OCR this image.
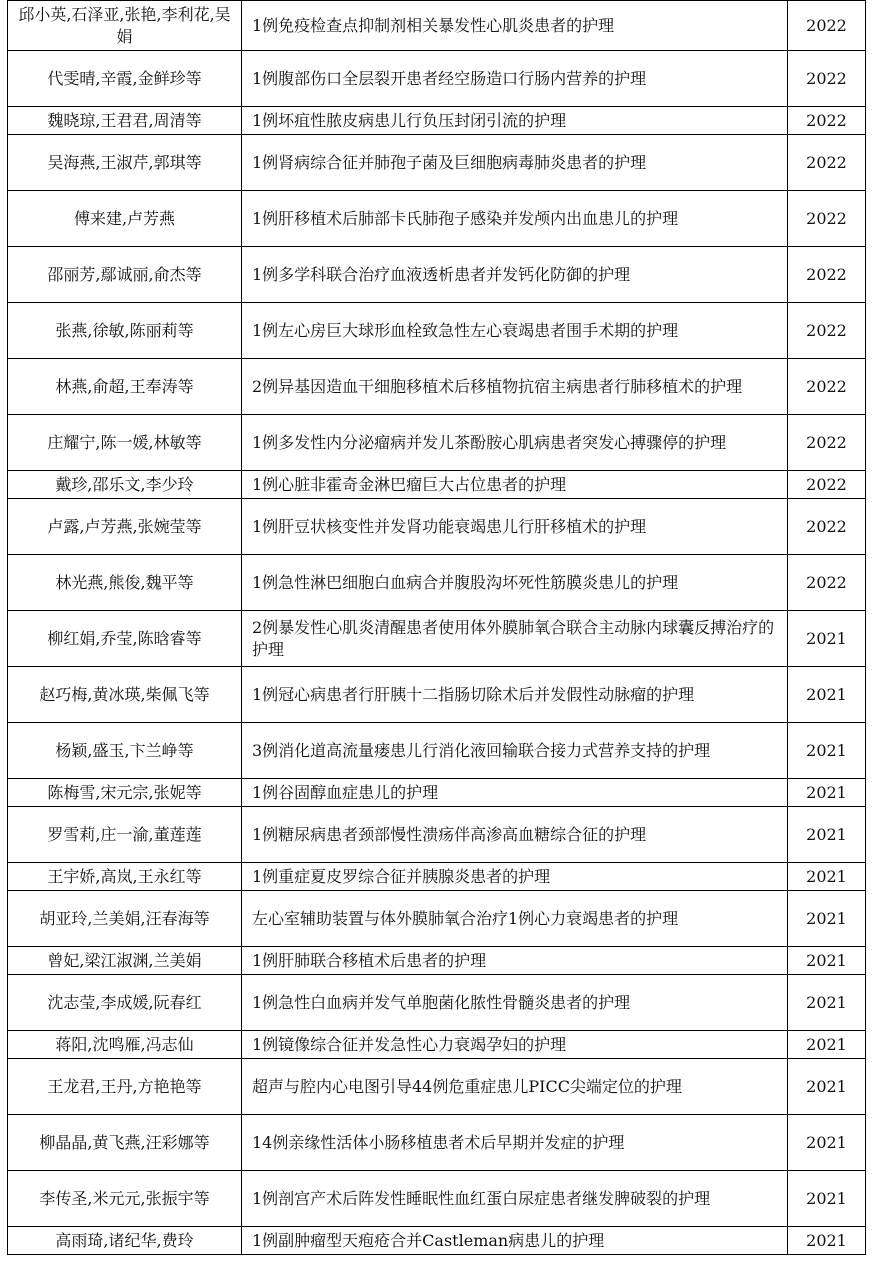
邱小英,石泽亚,张艳,李利花,吴娟	1例免疫检查点抑制剂相关暴发性心肌炎患者的护理	2022
代雯晴,辛霞,金鲜珍等	1例腹部伤口全层裂开患者经空肠造口行肠内营养的护理	2022
魏晓琼,王君君,周清等	1例坏疽性脓皮病患儿行负压封闭引流的护理	2022
吴海燕,王淑芹,郭琪等	1例肾病综合征并肺孢子菌及巨细胞病毒肺炎患者的护理	2022
傅来建,卢芳燕	1例肝移植术后肺部卡氏肺孢子感染并发颅内出血患儿的护理	2022
邵丽芳,鄢诚丽,俞杰等	1例多学科联合治疗血液透析患者并发钙化防御的护理	2022
张燕,徐敏,陈丽莉等	1例左心房巨大球形血栓致急性左心衰竭患者围手术期的护理	2022
林燕,俞超,王奉涛等	2例异基因造血干细胞移植术后移植物抗宿主病患者行肺移植术的护理	2022
庄耀宁,陈一媛,林敏等	1例多发性内分泌瘤病并发儿茶酚胺心肌病患者突发心搏骤停的护理	2022
戴珍,邵乐文,李少玲	1例心脏非霍奇金淋巴瘤巨大占位患者的护理	2022
卢露,卢芳燕,张婉莹等	1例肝豆状核变性并发肾功能衰竭患儿行肝移植术的护理	2022
林光燕,熊俊,魏平等	1例急性淋巴细胞白血病合并腹股沟坏死性筋膜炎患儿的护理	2022
柳红娟,乔莹,陈晗睿等	2例暴发性心肌炎清醒患者使用体外膜肺氧合联合主动脉内球囊反搏治疗的护理	2021
赵巧梅,黄冰瑛,柴佩飞等	1例冠心病患者行肝胰十二指肠切除术后并发假性动脉瘤的护理	2021
杨颖,盛玉,卞兰峥等	3例消化道高流量瘘患儿行消化液回输联合接力式营养支持的护理	2021
陈梅雪,宋元宗,张妮等	1例谷固醇血症患儿的护理	2021
罗雪莉,庄一渝,董莲莲	1例糖尿病患者颈部慢性溃疡伴高渗高血糖综合征的护理	2021
王宇娇,高岚,王永红等	1例重症夏皮罗综合征并胰腺炎患者的护理	2021
胡亚玲,兰美娟,汪春海等	左心室辅助装置与体外膜肺氧合治疗1例心力衰竭患者的护理	2021
曾妃,梁江淑渊,兰美娟	1例肝肺联合移植术后患者的护理	2021
沈志莹,李成媛,阮春红	1例急性白血病并发气单胞菌化脓性骨髓炎患者的护理	2021
蒋阳,沈鸣雁,冯志仙	1例镜像综合征并发急性心力衰竭孕妇的护理	2021
王龙君,王丹,方艳艳等	超声与腔内心电图引导44例危重症患儿PICC尖端定位的护理	2021
柳晶晶,黄飞燕,汪彩娜等	14例亲缘性活体小肠移植患者术后早期并发症的护理	2021
李传圣,米元元,张振宇等	1例剖宫产术后阵发性睡眠性血红蛋白尿症患者继发脾破裂的护理	2021
高雨琦,诸纪华,费玲	1例副肿瘤型天疱疮合并Castleman病患儿的护理	2021
